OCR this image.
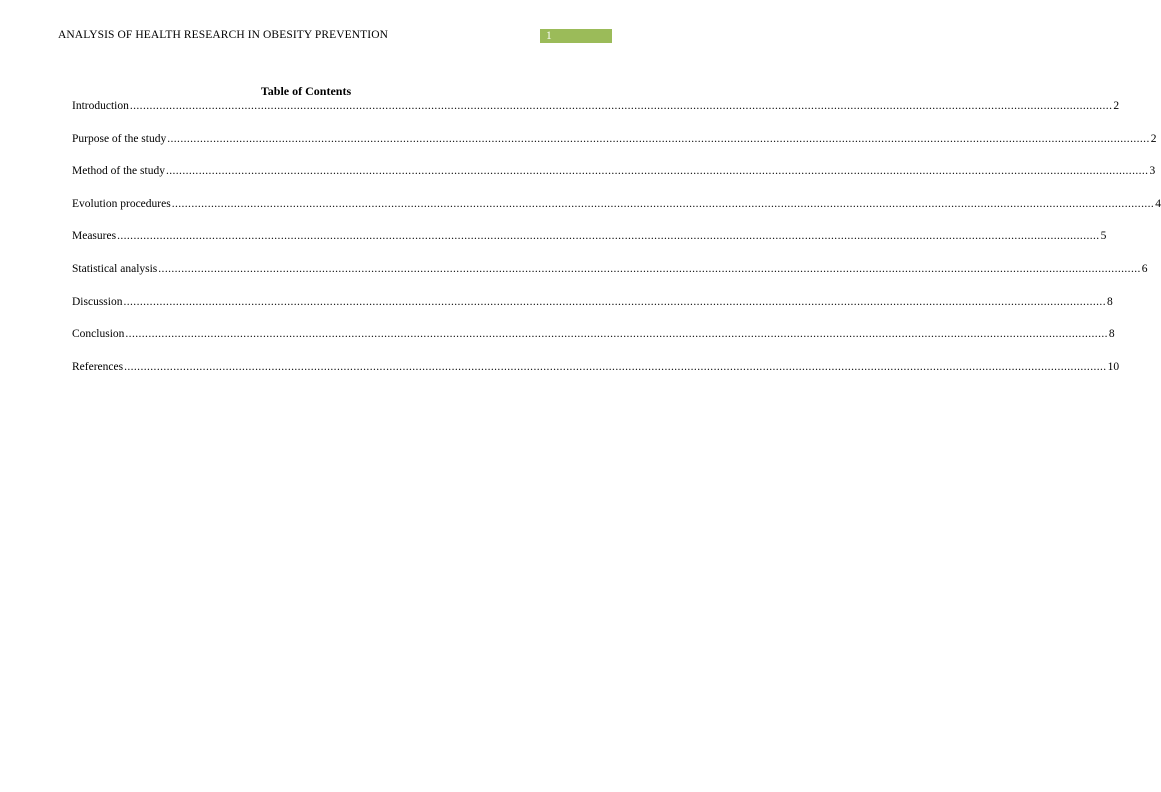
ANALYSIS OF HEALTH RESEARCH IN OBESITY PREVENTION	1
Table of Contents
Introduction ............................................................................................................................................................................................................................................................................................................ 2
Purpose of the study ............................................................................................................................................................................................................................................................................................................ 2
Method of the study ............................................................................................................................................................................................................................................................................................................ 3
Evolution procedures ............................................................................................................................................................................................................................................................................................................ 4
Measures ............................................................................................................................................................................................................................................................................................................ 5
Statistical analysis ............................................................................................................................................................................................................................................................................................................ 6
Discussion ............................................................................................................................................................................................................................................................................................................ 8
Conclusion ............................................................................................................................................................................................................................................................................................................ 8
References ............................................................................................................................................................................................................................................................................................................ 10
